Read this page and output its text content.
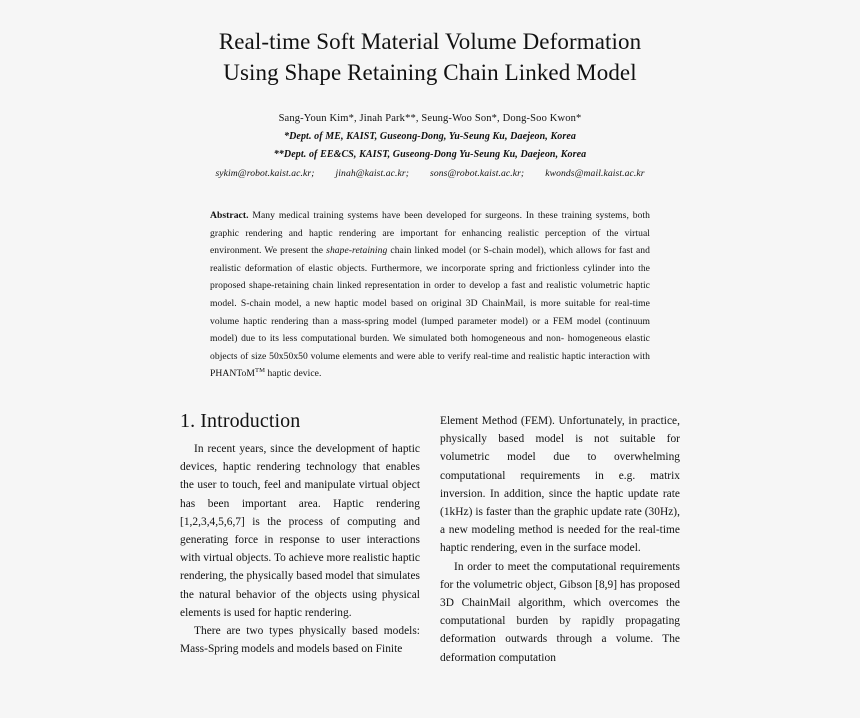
Real-time Soft Material Volume Deformation
Using Shape Retaining Chain Linked Model
Sang-Youn Kim*, Jinah Park**, Seung-Woo Son*, Dong-Soo Kwon*
*Dept. of ME, KAIST, Guseong-Dong, Yu-Seung Ku, Daejeon, Korea
**Dept. of EE&CS, KAIST, Guseong-Dong Yu-Seung Ku, Daejeon, Korea
sykim@robot.kaist.ac.kr; jinah@kaist.ac.kr; sons@robot.kaist.ac.kr; kwonds@mail.kaist.ac.kr
Abstract. Many medical training systems have been developed for surgeons. In these training systems, both graphic rendering and haptic rendering are important for enhancing realistic perception of the virtual environment. We present the shape-retaining chain linked model (or S-chain model), which allows for fast and realistic deformation of elastic objects. Furthermore, we incorporate spring and frictionless cylinder into the proposed shape-retaining chain linked representation in order to develop a fast and realistic volumetric haptic model. S-chain model, a new haptic model based on original 3D ChainMail, is more suitable for real-time volume haptic rendering than a mass-spring model (lumped parameter model) or a FEM model (continuum model) due to its less computational burden. We simulated both homogeneous and non- homogeneous elastic objects of size 50x50x50 volume elements and were able to verify real-time and realistic haptic interaction with PHANToM™ haptic device.
1. Introduction

In recent years, since the development of haptic devices, haptic rendering technology that enables the user to touch, feel and manipulate virtual object has been important area. Haptic rendering [1,2,3,4,5,6,7] is the process of computing and generating force in response to user interactions with virtual objects. To achieve more realistic haptic rendering, the physically based model that simulates the natural behavior of the objects using physical elements is used for haptic rendering.

There are two types physically based models: Mass-Spring models and models based on Finite

Element Method (FEM). Unfortunately, in practice, physically based model is not suitable for volumetric model due to overwhelming computational requirements in e.g. matrix inversion. In addition, since the haptic update rate (1kHz) is faster than the graphic update rate (30Hz), a new modeling method is needed for the real-time haptic rendering, even in the surface model.

In order to meet the computational requirements for the volumetric object, Gibson [8,9] has proposed 3D ChainMail algorithm, which overcomes the computational burden by rapidly propagating deformation outwards through a volume. The deformation computation
